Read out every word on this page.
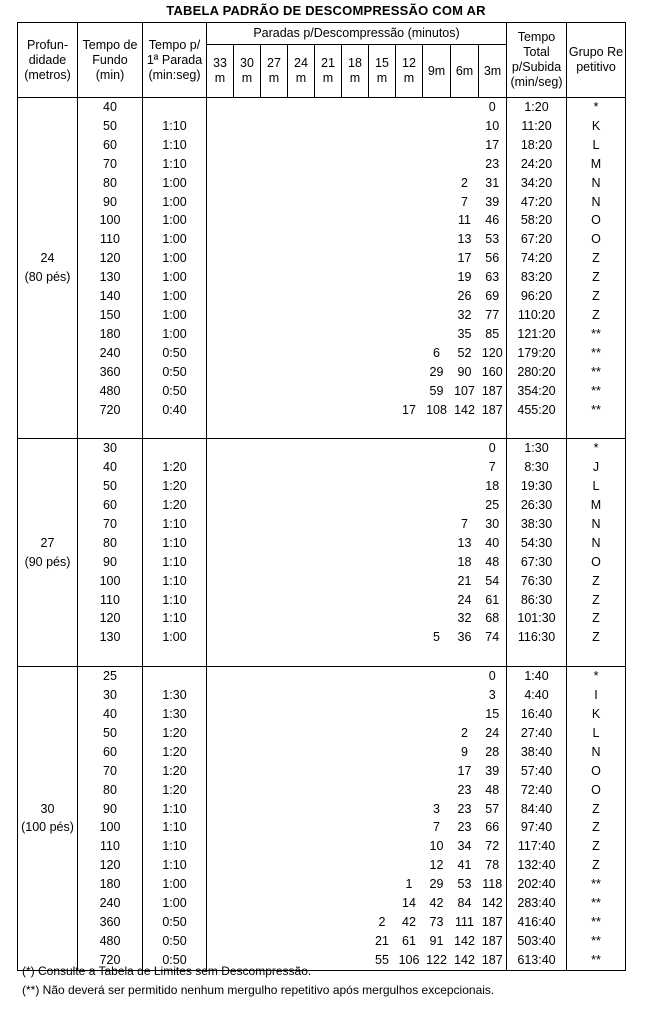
TABELA PADRÃO DE DESCOMPRESSÃO COM AR
Profun-didade (metros)	Tempo de Fundo (min)	Tempo p/ 1ª Parada (min:seg)	Paradas p/Descompressão (minutos)											Tempo Total p/Subida (min/seg)	Grupo Repetitivo
			33 m	30 m	27 m	24 m	21 m	18 m	15 m	12 m	9m	6m	3m		

24
(80 pés)	40												0	1:20	*
	50	1:10											10	11:20	K
	60	1:10											17	18:20	L
	70	1:10											23	24:20	M
	80	1:00										2	31	34:20	N
	90	1:00										7	39	47:20	N
	100	1:00										11	46	58:20	O
	110	1:00										13	53	67:20	O
	120	1:00										17	56	74:20	Z
	130	1:00										19	63	83:20	Z
	140	1:00										26	69	96:20	Z
	150	1:00										32	77	110:20	Z
	180	1:00										35	85	121:20	**
	240	0:50									6	52	120	179:20	**
	360	0:50									29	90	160	280:20	**
	480	0:50									59	107	187	354:20	**
	720	0:40								17	108	142	187	455:20	**

27
(90 pés)	30												0	1:30	*
	40	1:20											7	8:30	J
	50	1:20											18	19:30	L
	60	1:20											25	26:30	M
	70	1:10										7	30	38:30	N
	80	1:10										13	40	54:30	N
	90	1:10										18	48	67:30	O
	100	1:10										21	54	76:30	Z
	110	1:10										24	61	86:30	Z
	120	1:10										32	68	101:30	Z
	130	1:00									5	36	74	116:30	Z

30
(100 pés)	25												0	1:40	*
	30	1:30											3	4:40	I
	40	1:30											15	16:40	K
	50	1:20										2	24	27:40	L
	60	1:20										9	28	38:40	N
	70	1:20										17	39	57:40	O
	80	1:20										23	48	72:40	O
	90	1:10									3	23	57	84:40	Z
	100	1:10									7	23	66	97:40	Z
	110	1:10									10	34	72	117:40	Z
	120	1:10									12	41	78	132:40	Z
	180	1:00								1	29	53	118	202:40	**
	240	1:00								14	42	84	142	283:40	**
	360	0:50							2	42	73	111	187	416:40	**
	480	0:50							21	61	91	142	187	503:40	**
	720	0:50							55	106	122	142	187	613:40	**
(*) Consulte a Tabela de Limites sem Descompressão.
(**) Não deverá ser permitido nenhum mergulho repetitivo após mergulhos excepcionais.
